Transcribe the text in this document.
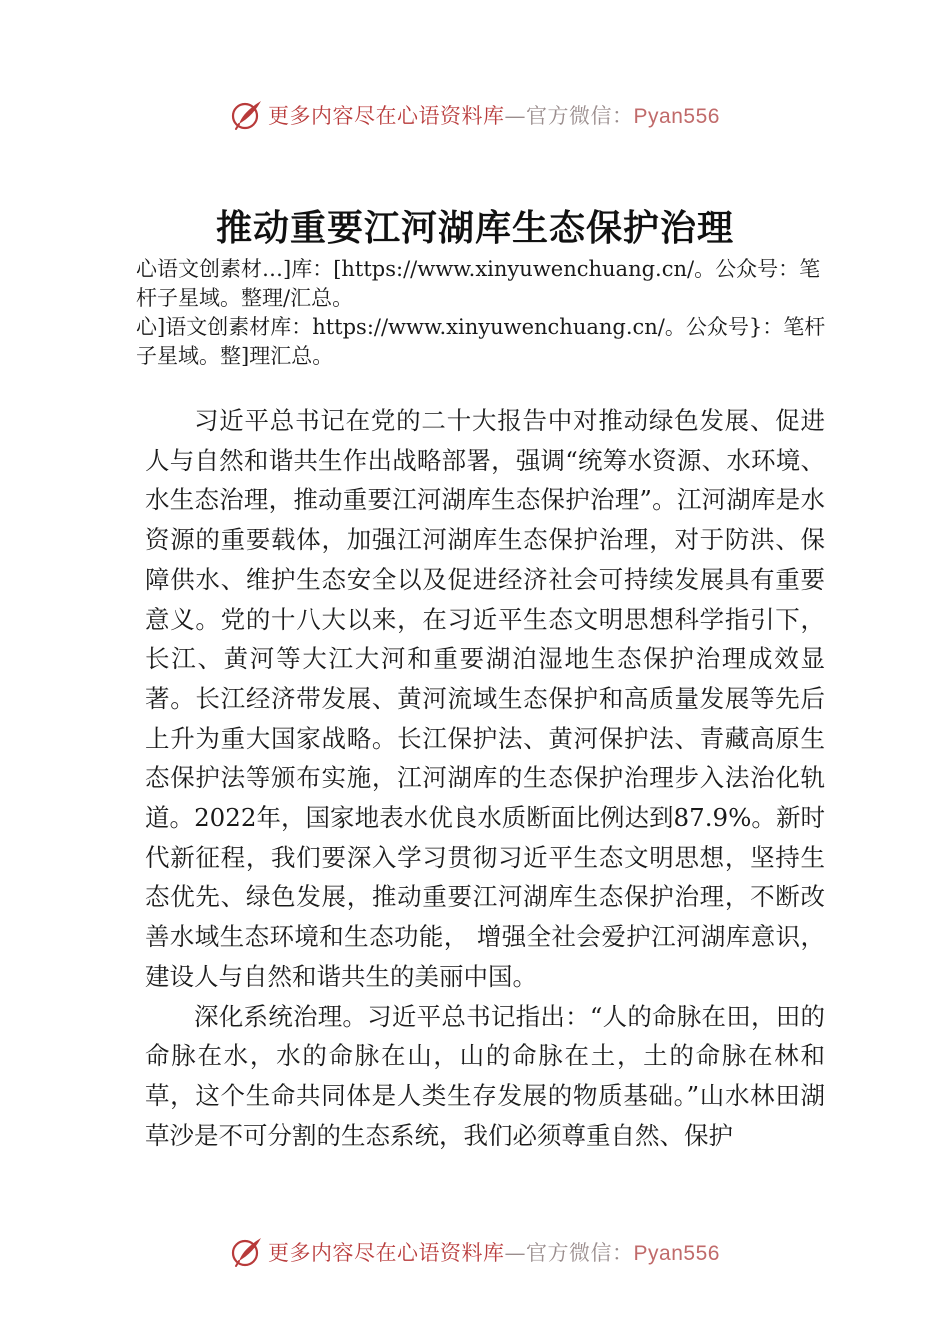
更多内容尽在心语资料库—官方微信：Pyan556
推动重要江河湖库生态保护治理

心语文创素材…]库：[https://www.xinyuwenchuang.cn/。公众号：笔杆子星域。整理/汇总。

心]语文创素材库：https://www.xinyuwenchuang.cn/。公众号}：笔杆子星域。整]理汇总。

习近平总书记在党的二十大报告中对推动绿色发展、促进人与自然和谐共生作出战略部署，强调“统筹水资源、水环境、水生态治理，推动重要江河湖库生态保护治理”。江河湖库是水资源的重要载体，加强江河湖库生态保护治理，对于防洪、保障供水、维护生态安全以及促进经济社会可持续发展具有重要意义。党的十八大以来，在习近平生态文明思想科学指引下，长江、黄河等大江大河和重要湖泊湿地生态保护治理成效显著。长江经济带发展、黄河流域生态保护和高质量发展等先后上升为重大国家战略。长江保护法、黄河保护法、青藏高原生态保护法等颁布实施，江河湖库的生态保护治理步入法治化轨道。2022年，国家地表水优良水质断面比例达到87.9%。新时代新征程，我们要深入学习贯彻习近平生态文明思想，坚持生态优先、绿色发展，推动重要江河湖库生态保护治理，不断改善水域生态环境和生态功能， 增强全社会爱护江河湖库意识，建设人与自然和谐共生的美丽中国。

深化系统治理。习近平总书记指出：“人的命脉在田，田的命脉在水，水的命脉在山，山的命脉在土，土的命脉在林和草，这个生命共同体是人类生存发展的物质基础。”山水林田湖草沙是不可分割的生态系统，我们必须尊重自然、保护

更多内容尽在心语资料库—官方微信：Pyan556
